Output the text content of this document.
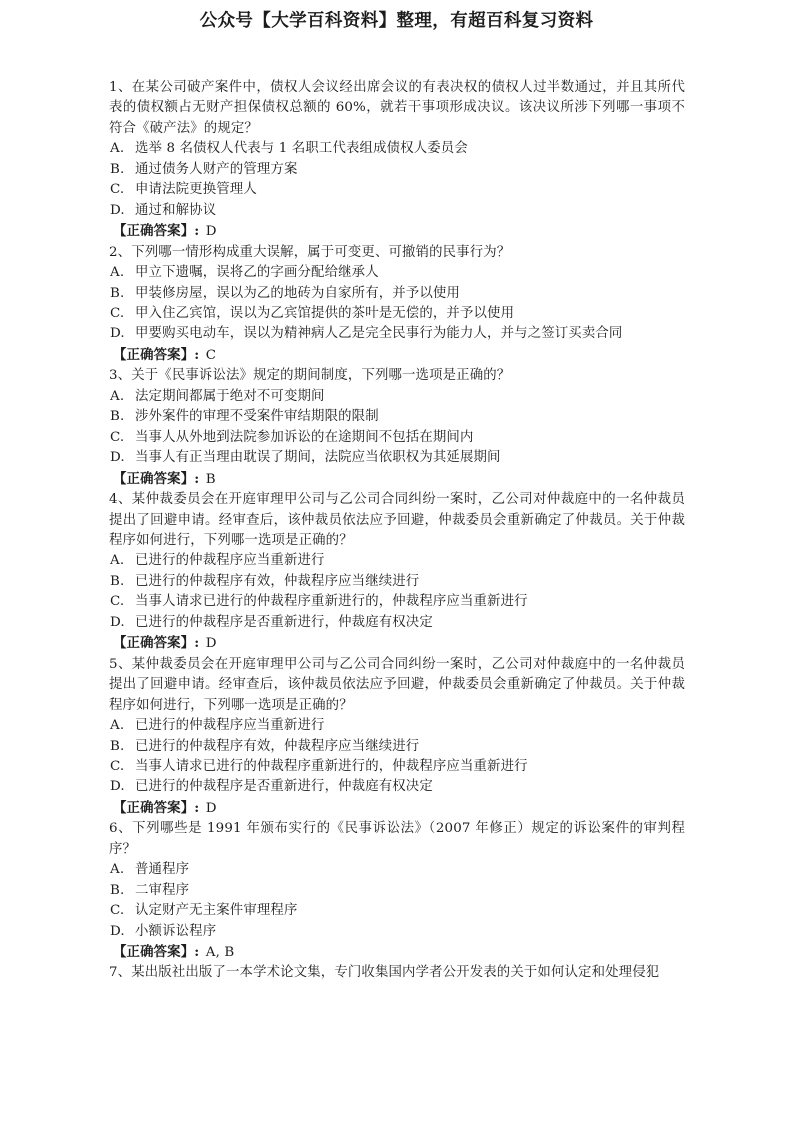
公众号【大学百科资料】整理，有超百科复习资料
1、在某公司破产案件中，债权人会议经出席会议的有表决权的债权人过半数通过，并且其所代表的债权额占无财产担保债权总额的 60%，就若干事项形成决议。该决议所涉下列哪一事项不符合《破产法》的规定？
A. 选举 8 名债权人代表与 1 名职工代表组成债权人委员会
B. 通过债务人财产的管理方案
C. 申请法院更换管理人
D. 通过和解协议
【正确答案】: D
2、下列哪一情形构成重大误解，属于可变更、可撤销的民事行为？
A. 甲立下遗嘱，误将乙的字画分配给继承人
B. 甲装修房屋，误以为乙的地砖为自家所有，并予以使用
C. 甲入住乙宾馆，误以为乙宾馆提供的茶叶是无偿的，并予以使用
D. 甲要购买电动车，误以为精神病人乙是完全民事行为能力人，并与之签订买卖合同
【正确答案】: C
3、关于《民事诉讼法》规定的期间制度，下列哪一选项是正确的？
A. 法定期间都属于绝对不可变期间
B. 涉外案件的审理不受案件审结期限的限制
C. 当事人从外地到法院参加诉讼的在途期间不包括在期间内
D. 当事人有正当理由耽误了期间，法院应当依职权为其延展期间
【正确答案】: B
4、某仲裁委员会在开庭审理甲公司与乙公司合同纠纷一案时，乙公司对仲裁庭中的一名仲裁员提出了回避申请。经审查后，该仲裁员依法应予回避，仲裁委员会重新确定了仲裁员。关于仲裁程序如何进行，下列哪一选项是正确的？
A. 已进行的仲裁程序应当重新进行
B. 已进行的仲裁程序有效，仲裁程序应当继续进行
C. 当事人请求已进行的仲裁程序重新进行的，仲裁程序应当重新进行
D. 已进行的仲裁程序是否重新进行，仲裁庭有权决定
【正确答案】: D
5、某仲裁委员会在开庭审理甲公司与乙公司合同纠纷一案时，乙公司对仲裁庭中的一名仲裁员提出了回避申请。经审查后，该仲裁员依法应予回避，仲裁委员会重新确定了仲裁员。关于仲裁程序如何进行，下列哪一选项是正确的？
A. 已进行的仲裁程序应当重新进行
B. 已进行的仲裁程序有效，仲裁程序应当继续进行
C. 当事人请求已进行的仲裁程序重新进行的，仲裁程序应当重新进行
D. 已进行的仲裁程序是否重新进行，仲裁庭有权决定
【正确答案】: D
6、下列哪些是 1991 年颁布实行的《民事诉讼法》（2007 年修正）规定的诉讼案件的审判程序？
A. 普通程序
B. 二审程序
C. 认定财产无主案件审理程序
D. 小额诉讼程序
【正确答案】: A, B
7、某出版社出版了一本学术论文集，专门收集国内学者公开发表的关于如何认定和处理侵犯
